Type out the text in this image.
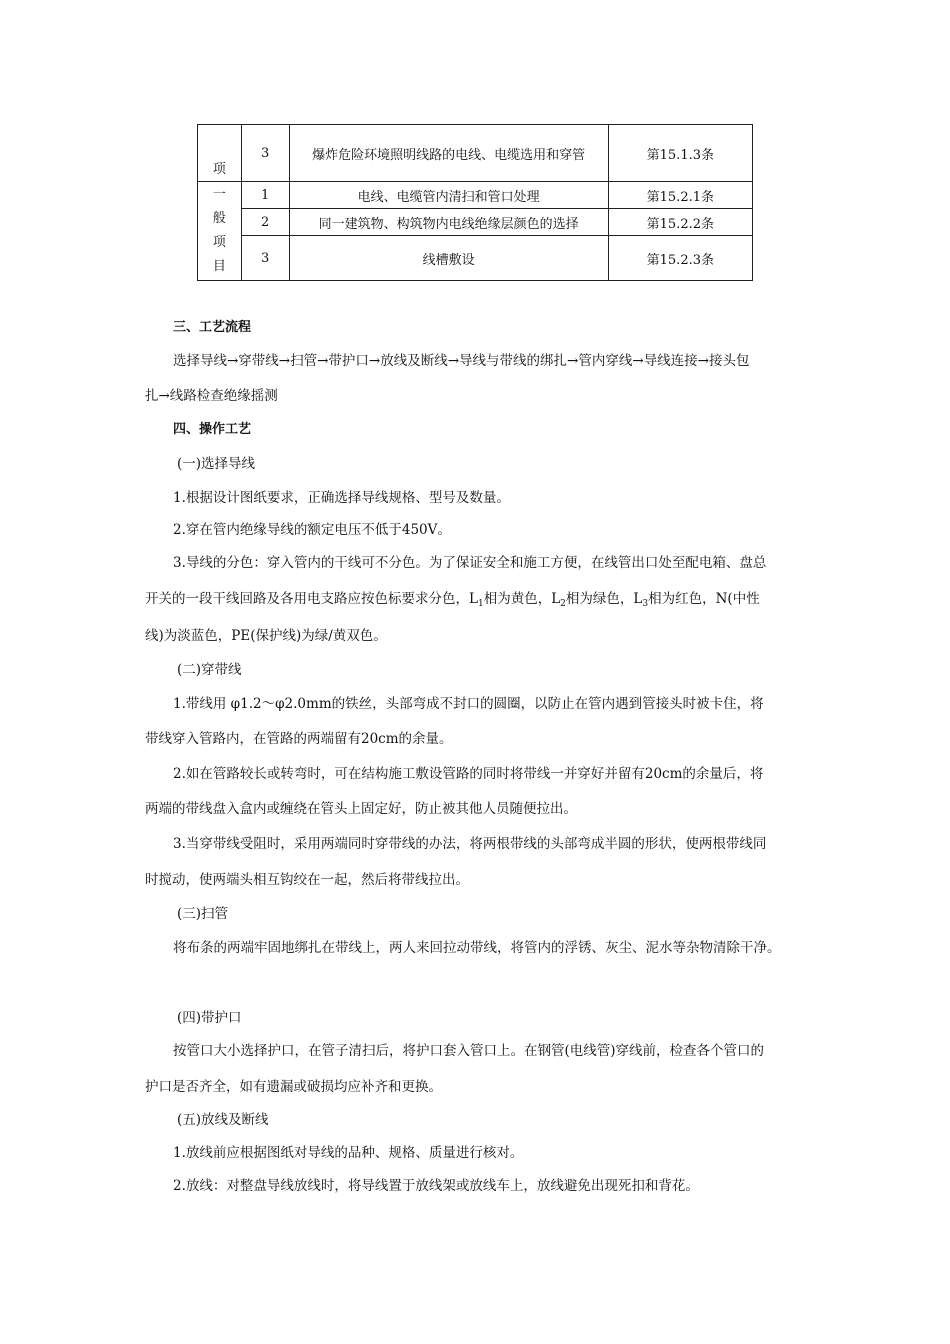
项	3	爆炸危险环境照明线路的电线、电缆选用和穿管	第15.1.3条

一
般
项
目	1	电线、电缆管内清扫和管口处理	第15.2.1条
	2	同一建筑物、构筑物内电线绝缘层颜色的选择	第15.2.2条
	3	线槽敷设	第15.2.3条

三、工艺流程

选择导线→穿带线→扫管→带护口→放线及断线→导线与带线的绑扎→管内穿线→导线连接→接头包

扎→线路检查绝缘摇测

四、操作工艺

(一)选择导线

1.根据设计图纸要求，正确选择导线规格、型号及数量。

2.穿在管内绝缘导线的额定电压不低于450V。

3.导线的分色：穿入管内的干线可不分色。为了保证安全和施工方便，在线管出口处至配电箱、盘总

开关的一段干线回路及各用电支路应按色标要求分色，$L_1$相为黄色，$L_2$相为绿色，$L_3$相为红色，N(中性

线)为淡蓝色，PE(保护线)为绿/黄双色。

(二)穿带线

1.带线用 φ1.2～φ2.0mm的铁丝，头部弯成不封口的圆圈，以防止在管内遇到管接头时被卡住，将

带线穿入管路内，在管路的两端留有20cm的余量。

2.如在管路较长或转弯时，可在结构施工敷设管路的同时将带线一并穿好并留有20cm的余量后，将

两端的带线盘入盒内或缠绕在管头上固定好，防止被其他人员随便拉出。

3.当穿带线受阻时，采用两端同时穿带线的办法，将两根带线的头部弯成半圆的形状，使两根带线同

时搅动，使两端头相互钩绞在一起，然后将带线拉出。

(三)扫管

将布条的两端牢固地绑扎在带线上，两人来回拉动带线，将管内的浮锈、灰尘、泥水等杂物清除干净。

(四)带护口

按管口大小选择护口，在管子清扫后，将护口套入管口上。在钢管(电线管)穿线前，检查各个管口的

护口是否齐全，如有遗漏或破损均应补齐和更换。

(五)放线及断线

1.放线前应根据图纸对导线的品种、规格、质量进行核对。

2.放线：对整盘导线放线时，将导线置于放线架或放线车上，放线避免出现死扣和背花。
